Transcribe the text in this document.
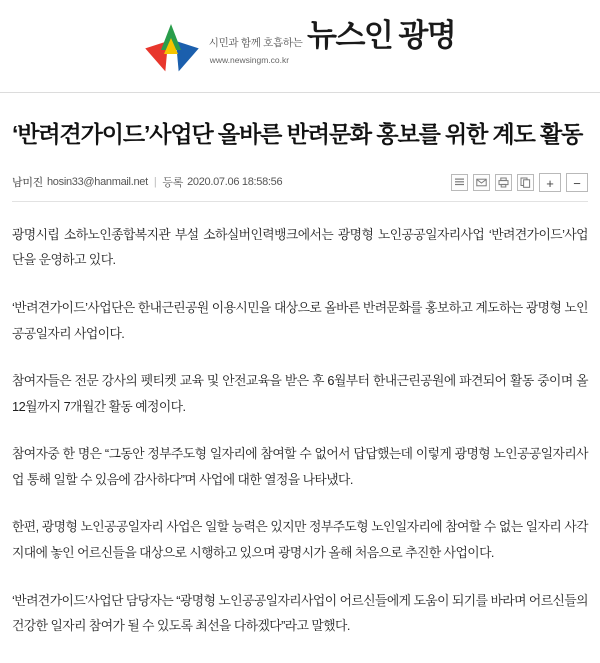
시민과 함께 호흡하는 뉴스인 광명
www.newsingm.co.kr
‘반려견가이드’사업단 올바른 반려문화 홍보를 위한 계도 활동
남미진 hosin33@hanmail.net | 등록 2020.07.06 18:58:56	+	−

광명시립 소하노인종합복지관 부설 소하실버인력뱅크에서는 광명형 노인공공일자리사업 ‘반려견가이드’사업단을 운영하고 있다.

‘반려견가이드’사업단은 한내근린공원 이용시민을 대상으로 올바른 반려문화를 홍보하고 계도하는 광명형 노인공공일자리 사업이다.

참여자들은 전문 강사의 펫티켓 교육 및 안전교육을 받은 후 6월부터 한내근린공원에 파견되어 활동 중이며 올 12월까지 7개월간 활동 예정이다.

참여자중 한 명은 “그동안 정부주도형 일자리에 참여할 수 없어서 답답했는데 이렇게 광명형 노인공공일자리사업 통해 일할 수 있음에 감사하다”며 사업에 대한 열정을 나타냈다.

한편, 광명형 노인공공일자리 사업은 일할 능력은 있지만 정부주도형 노인일자리에 참여할 수 없는 일자리 사각지대에 놓인 어르신들을 대상으로 시행하고 있으며 광명시가 올해 처음으로 추진한 사업이다.

‘반려견가이드’사업단 담당자는 “광명형 노인공공일자리사업이 어르신들에게 도움이 되기를 바라며 어르신들의 건강한 일자리 참여가 될 수 있도록 최선을 다하겠다”라고 말했다.
